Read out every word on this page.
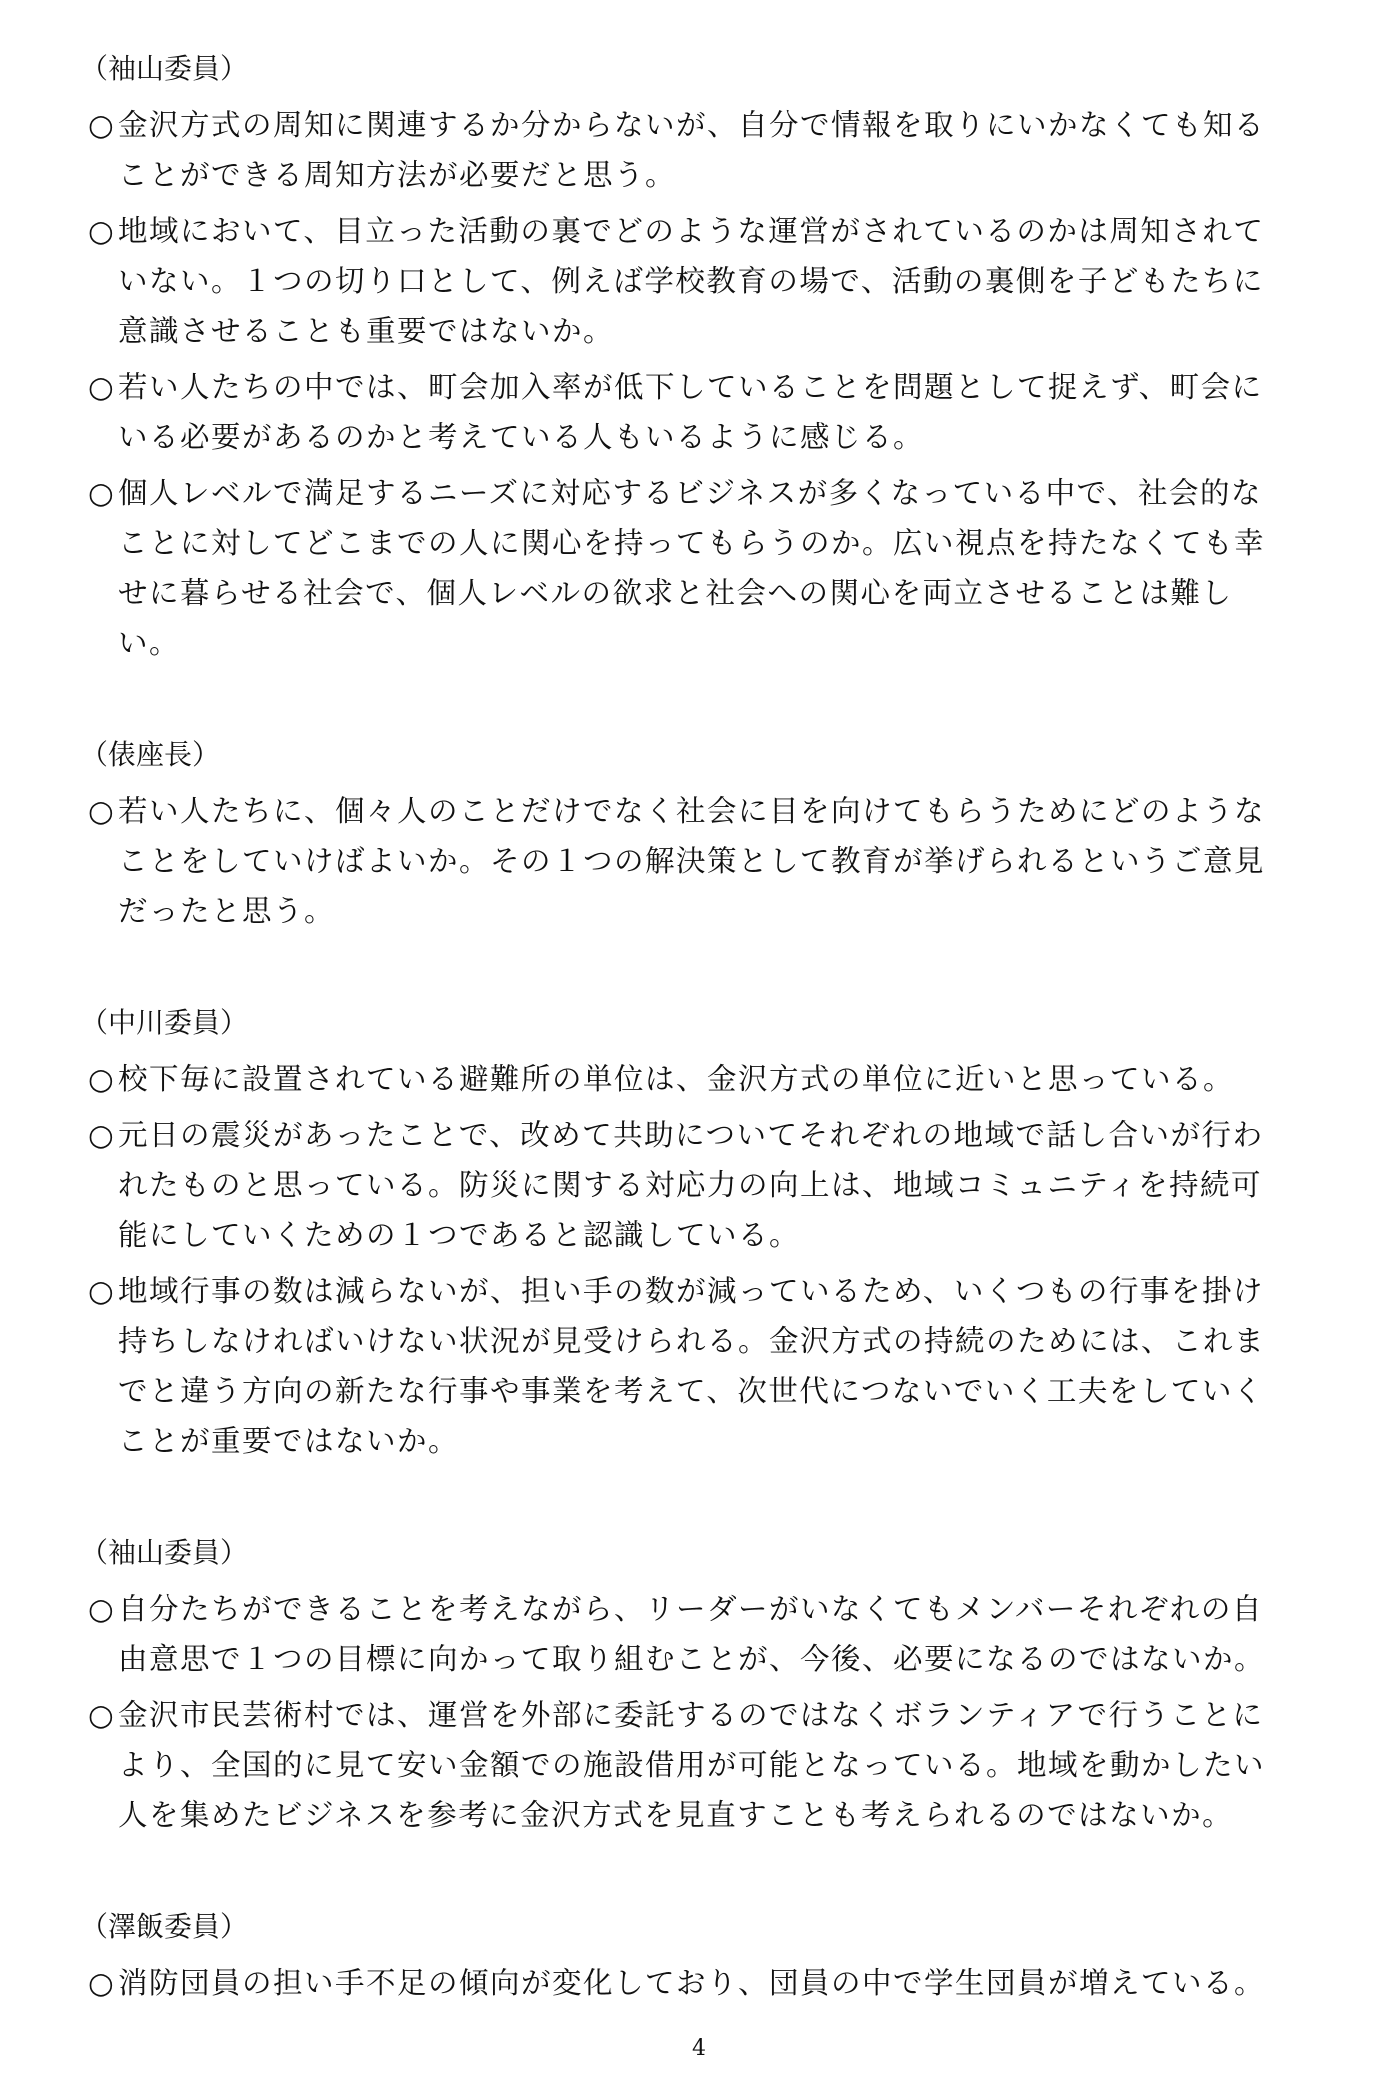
（袖山委員）
○ 金沢方式の周知に関連するか分からないが、自分で情報を取りにいかなくても知ることができる周知方法が必要だと思う。
○ 地域において、目立った活動の裏でどのような運営がされているのかは周知されていない。１つの切り口として、例えば学校教育の場で、活動の裏側を子どもたちに意識させることも重要ではないか。
○ 若い人たちの中では、町会加入率が低下していることを問題として捉えず、町会にいる必要があるのかと考えている人もいるように感じる。
○ 個人レベルで満足するニーズに対応するビジネスが多くなっている中で、社会的なことに対してどこまでの人に関心を持ってもらうのか。広い視点を持たなくても幸せに暮らせる社会で、個人レベルの欲求と社会への関心を両立させることは難しい。
（俵座長）
○ 若い人たちに、個々人のことだけでなく社会に目を向けてもらうためにどのようなことをしていけばよいか。その１つの解決策として教育が挙げられるというご意見だったと思う。
（中川委員）
○ 校下毎に設置されている避難所の単位は、金沢方式の単位に近いと思っている。
○ 元日の震災があったことで、改めて共助についてそれぞれの地域で話し合いが行われたものと思っている。防災に関する対応力の向上は、地域コミュニティを持続可能にしていくための１つであると認識している。
○ 地域行事の数は減らないが、担い手の数が減っているため、いくつもの行事を掛け持ちしなければいけない状況が見受けられる。金沢方式の持続のためには、これまでと違う方向の新たな行事や事業を考えて、次世代につないでいく工夫をしていくことが重要ではないか。
（袖山委員）
○ 自分たちができることを考えながら、リーダーがいなくてもメンバーそれぞれの自由意思で１つの目標に向かって取り組むことが、今後、必要になるのではないか。
○ 金沢市民芸術村では、運営を外部に委託するのではなくボランティアで行うことにより、全国的に見て安い金額での施設借用が可能となっている。地域を動かしたい人を集めたビジネスを参考に金沢方式を見直すことも考えられるのではないか。
（澤飯委員）
○ 消防団員の担い手不足の傾向が変化しており、団員の中で学生団員が増えている。
4
